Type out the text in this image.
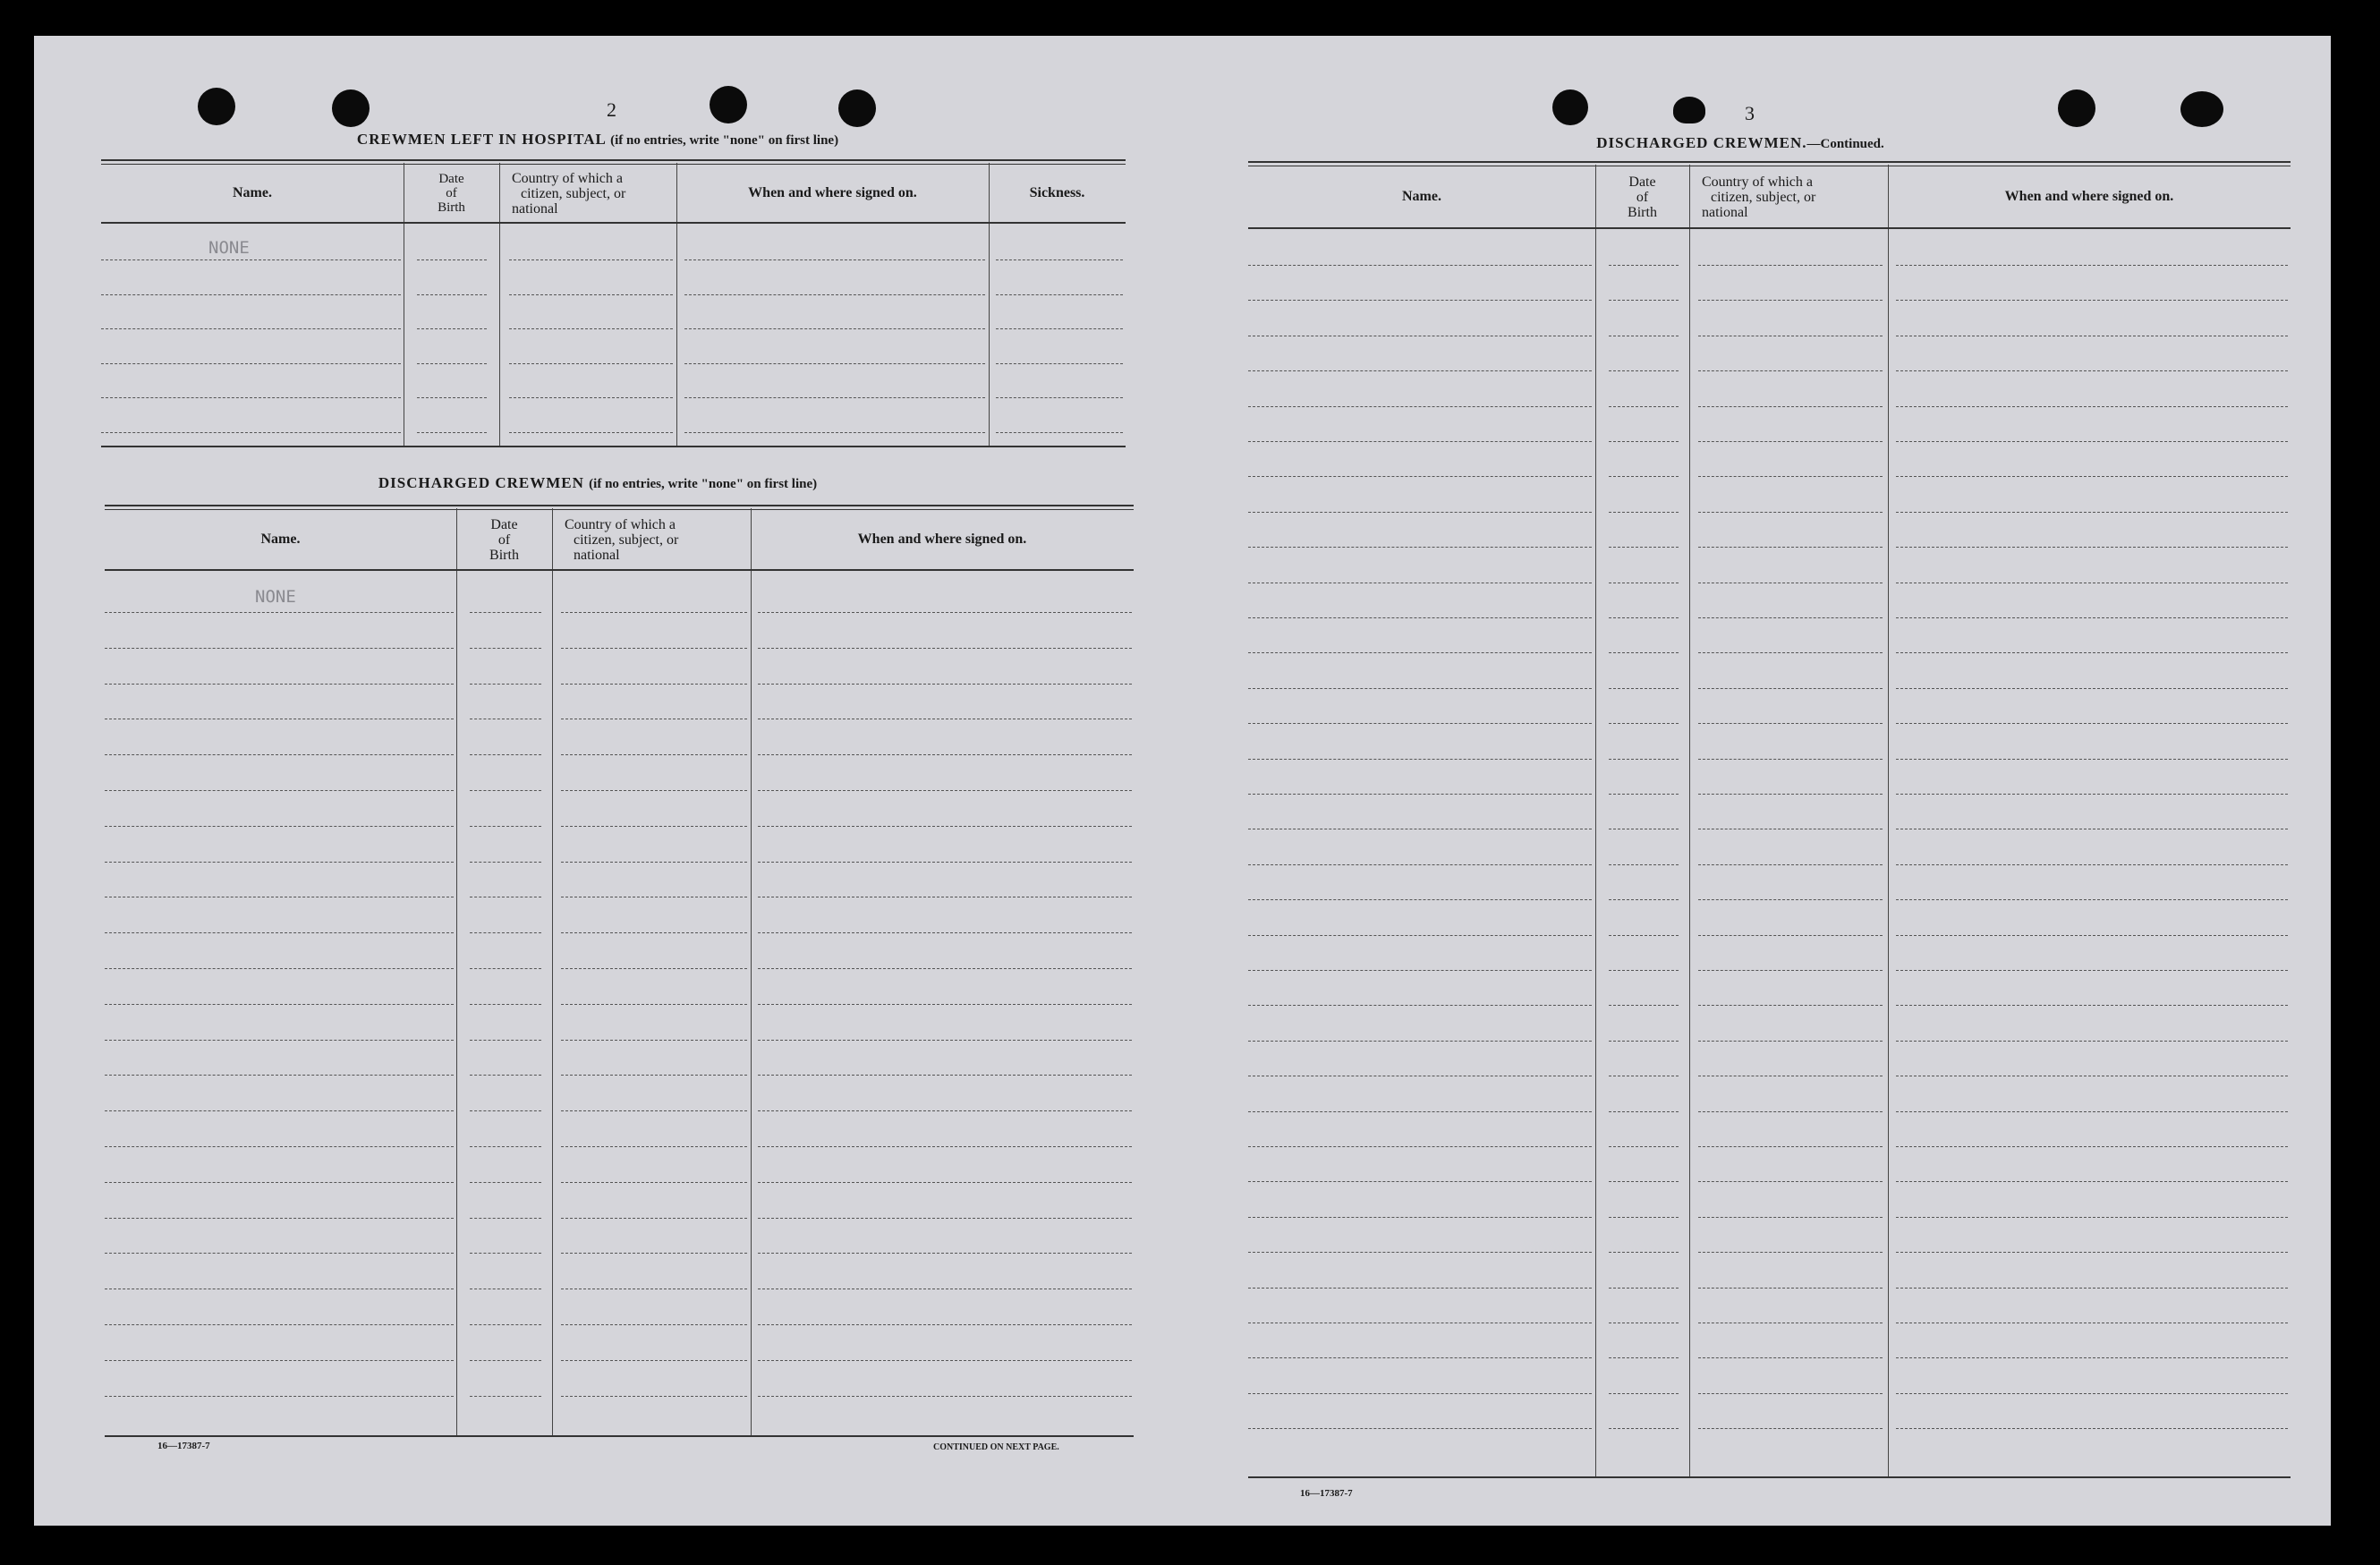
2
CREWMEN LEFT IN HOSPITAL (if no entries, write "none" on first line)
Name.
Date
of
Birth
Country of which a
citizen, subject, or
national
When and where signed on.	Sickness.
NONE
DISCHARGED CREWMEN (if no entries, write "none" on first line)
Name.
Date
of
Birth
Country of which a
citizen, subject, or
national
When and where signed on.
NONE
16—17387-7	CONTINUED ON NEXT PAGE.
3
DISCHARGED CREWMEN.—Continued.
Name.
Date
of
Birth
Country of which a
citizen, subject, or
national
When and where signed on.
16—17387-7
